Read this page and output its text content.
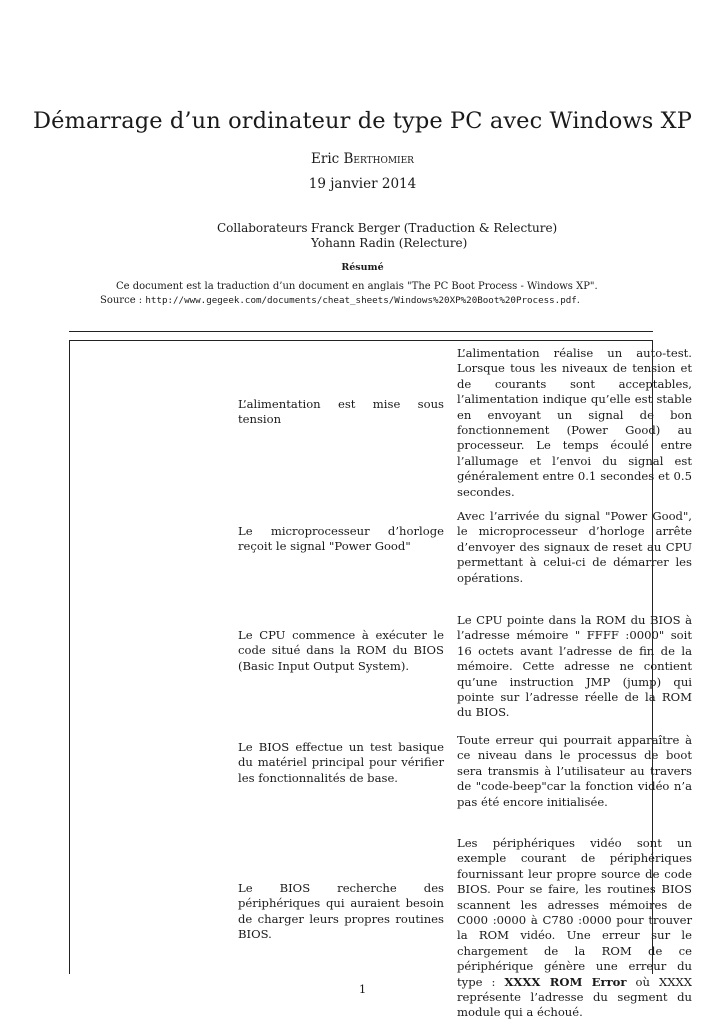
Démarrage d’un ordinateur de type PC avec Windows XP
Eric Berthomier
19 janvier 2014
Collaborateurs :
Franck Berger (Traduction & Relecture)
Yohann Radin (Relecture)
Résumé
Ce document est la traduction d’un document en anglais "The PC Boot Process - Windows XP".
Source : http://www.gegeek.com/documents/cheat_sheets/Windows%20XP%20Boot%20Process.pdf.
L’alimentation est mise sous tension
L’alimentation réalise un auto-test. Lorsque tous les niveaux de tension et de courants sont acceptables, l’alimentation indique qu’elle est stable en envoyant un signal de bon fonctionnement (Power Good) au processeur. Le temps écoulé entre l’allumage et l’envoi du signal est généralement entre 0.1 secondes et 0.5 secondes.
Le microprocesseur d’horloge reçoit le signal "Power Good"
Avec l’arrivée du signal "Power Good", le microprocesseur d’horloge arrête d’envoyer des signaux de reset au CPU permettant à celui-ci de démarrer les opérations.
Le CPU commence à exécuter le code situé dans la ROM du BIOS (Basic Input Output System).
Le CPU pointe dans la ROM du BIOS à l’adresse mémoire " FFFF :0000" soit 16 octets avant l’adresse de fin de la mémoire. Cette adresse ne contient qu’une instruction JMP (jump) qui pointe sur l’adresse réelle de la ROM du BIOS.
Le BIOS effectue un test basique du matériel principal pour vérifier les fonctionnalités de base.
Toute erreur qui pourrait apparaître à ce niveau dans le processus de boot sera transmis à l’utilisateur au travers de "code-beep"car la fonction vidéo n’a pas été encore initialisée.
Le BIOS recherche des périphériques qui auraient besoin de charger leurs propres routines BIOS.
Les périphériques vidéo sont un exemple courant de périphériques fournissant leur propre source de code BIOS. Pour se faire, les routines BIOS scannent les adresses mémoires de C000 :0000 à C780 :0000 pour trouver la ROM vidéo. Une erreur sur le chargement de la ROM de ce périphérique génère une erreur du type : XXXX ROM Error où XXXX représente l’adresse du segment du module qui a échoué.
1
